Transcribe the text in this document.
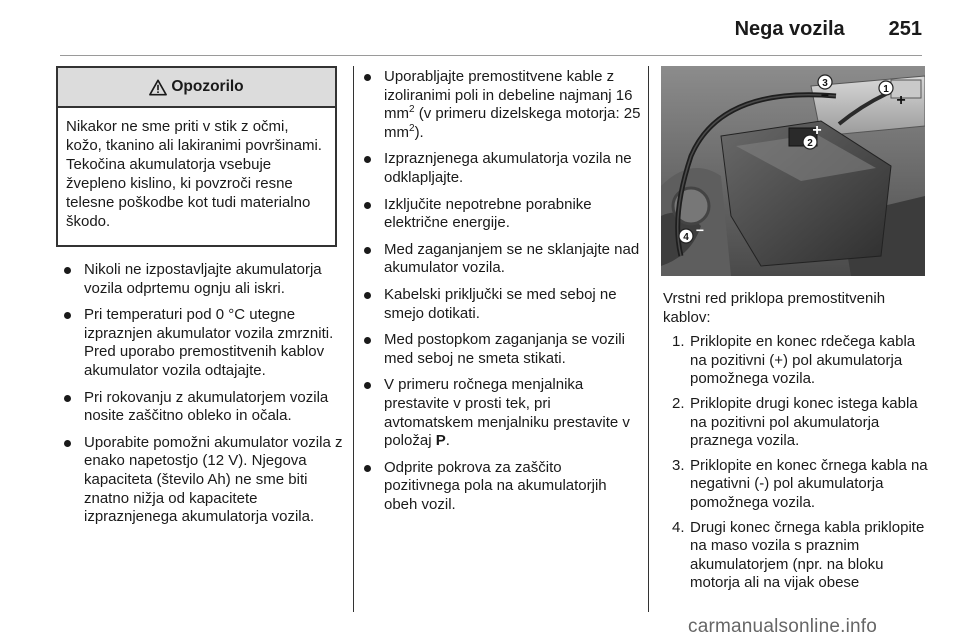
Nega vozila 251
Opozorilo
Nikakor ne sme priti v stik z očmi, kožo, tkanino ali lakiranimi površinami. Tekočina akumulatorja vsebuje žvepleno kislino, ki povzroči resne telesne poškodbe kot tudi materialno škodo.
Nikoli ne izpostavljajte akumulatorja vozila odprtemu ognju ali iskri.
Pri temperaturi pod 0 °C utegne izpraznjen akumulator vozila zmrzniti. Pred uporabo premostitvenih kablov akumulator vozila odtajajte.
Pri rokovanju z akumulatorjem vozila nosite zaščitno obleko in očala.
Uporabite pomožni akumulator vozila z enako napetostjo (12 V). Njegova kapaciteta (število Ah) ne sme biti znatno nižja od kapacitete izpraznjenega akumulatorja vozila.
Uporabljajte premostitvene kable z izoliranimi poli in debeline najmanj 16 $mm^2$ (v primeru dizelskega motorja: 25 $mm^2$).
Izpraznjenega akumulatorja vozila ne odklapljajte.
Izključite nepotrebne porabnike električne energije.
Med zaganjanjem se ne sklanjajte nad akumulator vozila.
Kabelski priključki se med seboj ne smejo dotikati.
Med postopkom zaganjanja se vozili med seboj ne smeta stikati.
V primeru ročnega menjalnika prestavite v prosti tek, pri avtomatskem menjalniku prestavite v položaj P.
Odprite pokrova za zaščito pozitivnega pola na akumulatorjih obeh vozil.
3
−	1
+
2
+
4 −
Vrstni red priklopa premostitvenih kablov:
1. Priklopite en konec rdečega kabla na pozitivni (+) pol akumulatorja pomožnega vozila.
2. Priklopite drugi konec istega kabla na pozitivni pol akumulatorja praznega vozila.
3. Priklopite en konec črnega kabla na negativni (-) pol akumulatorja pomožnega vozila.
4. Drugi konec črnega kabla priklopite na maso vozila s praznim akumulatorjem (npr. na bloku motorja ali na vijak obese
carmanualsonline.info
